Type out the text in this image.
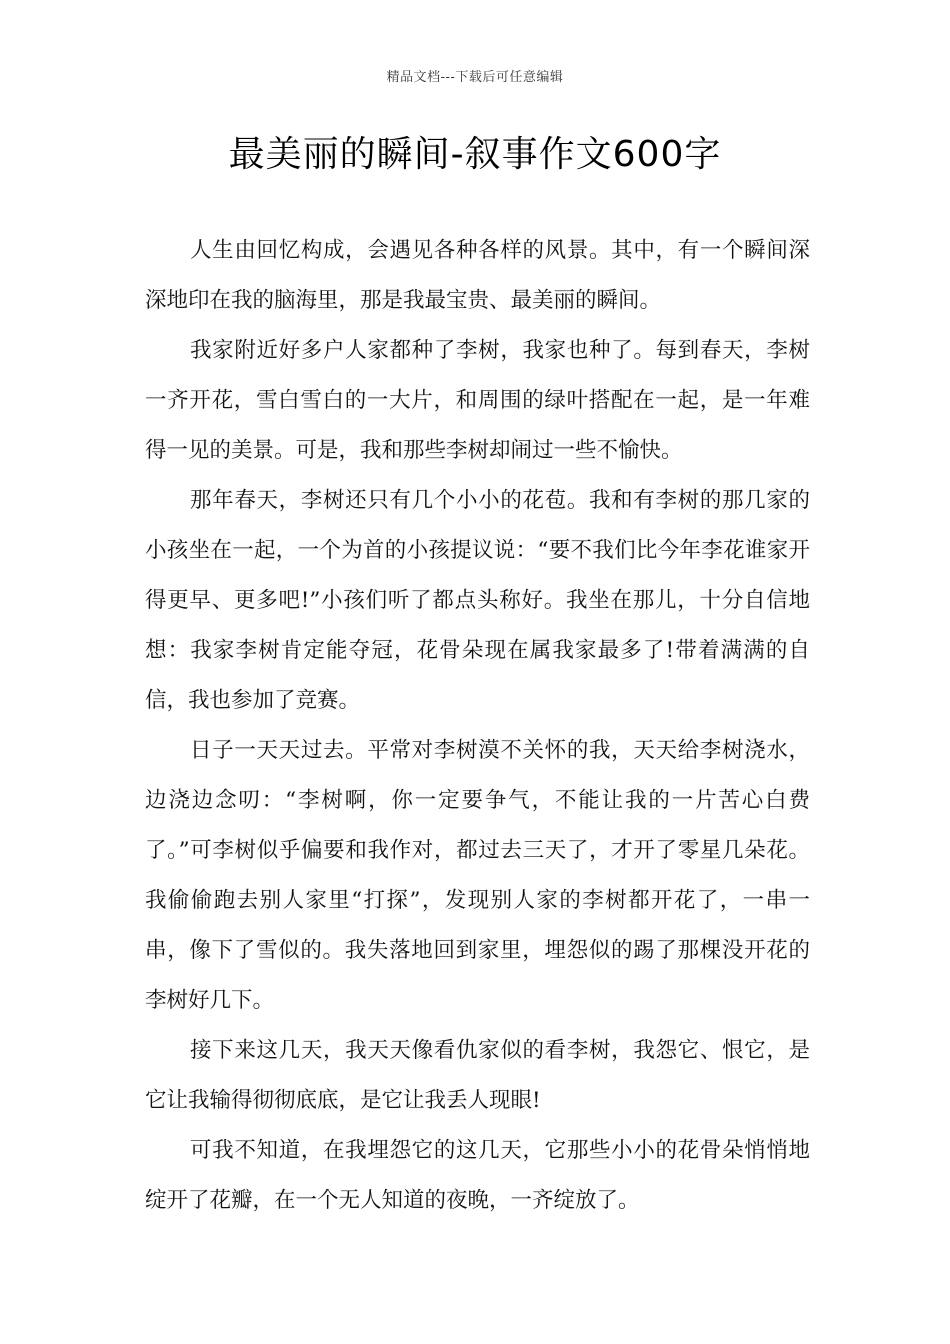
精品文档---下载后可任意编辑
最美丽的瞬间-叙事作文600字

人生由回忆构成，会遇见各种各样的风景。其中，有一个瞬间深深地印在我的脑海里，那是我最宝贵、最美丽的瞬间。

我家附近好多户人家都种了李树，我家也种了。每到春天，李树一齐开花，雪白雪白的一大片，和周围的绿叶搭配在一起，是一年难得一见的美景。可是，我和那些李树却闹过一些不愉快。

那年春天，李树还只有几个小小的花苞。我和有李树的那几家的小孩坐在一起，一个为首的小孩提议说：“要不我们比今年李花谁家开得更早、更多吧!”小孩们听了都点头称好。我坐在那儿，十分自信地想：我家李树肯定能夺冠，花骨朵现在属我家最多了!带着满满的自信，我也参加了竞赛。

日子一天天过去。平常对李树漠不关怀的我，天天给李树浇水，边浇边念叨：“李树啊，你一定要争气，不能让我的一片苦心白费了。”可李树似乎偏要和我作对，都过去三天了，才开了零星几朵花。我偷偷跑去别人家里“打探”，发现别人家的李树都开花了，一串一串，像下了雪似的。我失落地回到家里，埋怨似的踢了那棵没开花的李树好几下。

接下来这几天，我天天像看仇家似的看李树，我怨它、恨它，是它让我输得彻彻底底，是它让我丢人现眼!

可我不知道，在我埋怨它的这几天，它那些小小的花骨朵悄悄地绽开了花瓣，在一个无人知道的夜晚，一齐绽放了。
